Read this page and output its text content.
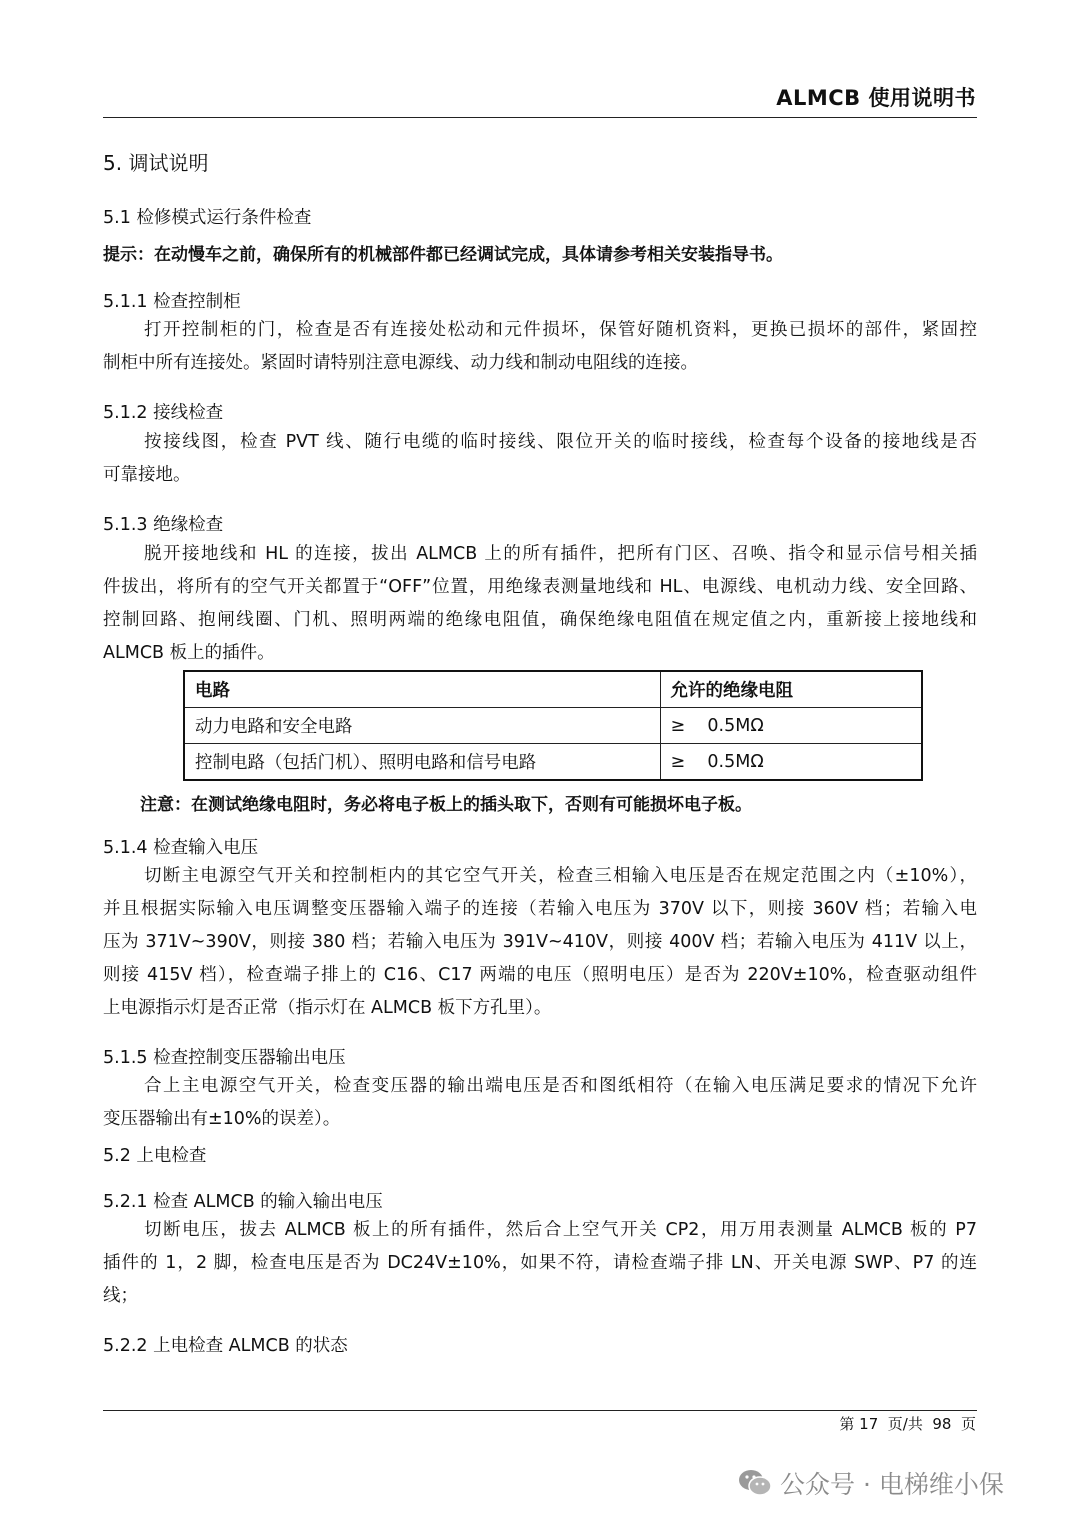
ALMCB 使用说明书
5. 调试说明
5.1 检修模式运行条件检查
提示：在动慢车之前，确保所有的机械部件都已经调试完成，具体请参考相关安装指导书。
5.1.1 检查控制柜
打开控制柜的门，检查是否有连接处松动和元件损坏，保管好随机资料，更换已损坏的部件，紧固控
制柜中所有连接处。紧固时请特别注意电源线、动力线和制动电阻线的连接。
5.1.2 接线检查
按接线图，检查 PVT 线、随行电缆的临时接线、限位开关的临时接线，检查每个设备的接地线是否
可靠接地。
5.1.3 绝缘检查
脱开接地线和 HL 的连接，拔出 ALMCB 上的所有插件，把所有门区、召唤、指令和显示信号相关插
件拔出，将所有的空气开关都置于“OFF”位置，用绝缘表测量地线和 HL、电源线、电机动力线、安全回路、
控制回路、抱闸线圈、门机、照明两端的绝缘电阻值，确保绝缘电阻值在规定值之内，重新接上接地线和
ALMCB 板上的插件。
电路	允许的绝缘电阻
动力电路和安全电路	≥    0.5MΩ
控制电路（包括门机）、照明电路和信号电路	≥    0.5MΩ
注意：在测试绝缘电阻时，务必将电子板上的插头取下，否则有可能损坏电子板。
5.1.4 检查输入电压
切断主电源空气开关和控制柜内的其它空气开关，检查三相输入电压是否在规定范围之内（±10%），
并且根据实际输入电压调整变压器输入端子的连接（若输入电压为 370V 以下，则接 360V 档；若输入电
压为 371V~390V，则接 380 档；若输入电压为 391V~410V，则接 400V 档；若输入电压为 411V 以上，
则接 415V 档），检查端子排上的 C16、C17 两端的电压（照明电压）是否为 220V±10%，检查驱动组件
上电源指示灯是否正常（指示灯在 ALMCB 板下方孔里）。
5.1.5 检查控制变压器输出电压
合上主电源空气开关，检查变压器的输出端电压是否和图纸相符（在输入电压满足要求的情况下允许
变压器输出有±10%的误差）。
5.2 上电检查
5.2.1 检查 ALMCB 的输入输出电压
切断电压，拔去 ALMCB 板上的所有插件，然后合上空气开关 CP2，用万用表测量 ALMCB 板的 P7
插件的 1，2 脚，检查电压是否为 DC24V±10%，如果不符，请检查端子排 LN、开关电源 SWP、P7 的连
线；
5.2.2 上电检查 ALMCB 的状态
第 17  页/共  98  页
公众号 · 电梯维小保
